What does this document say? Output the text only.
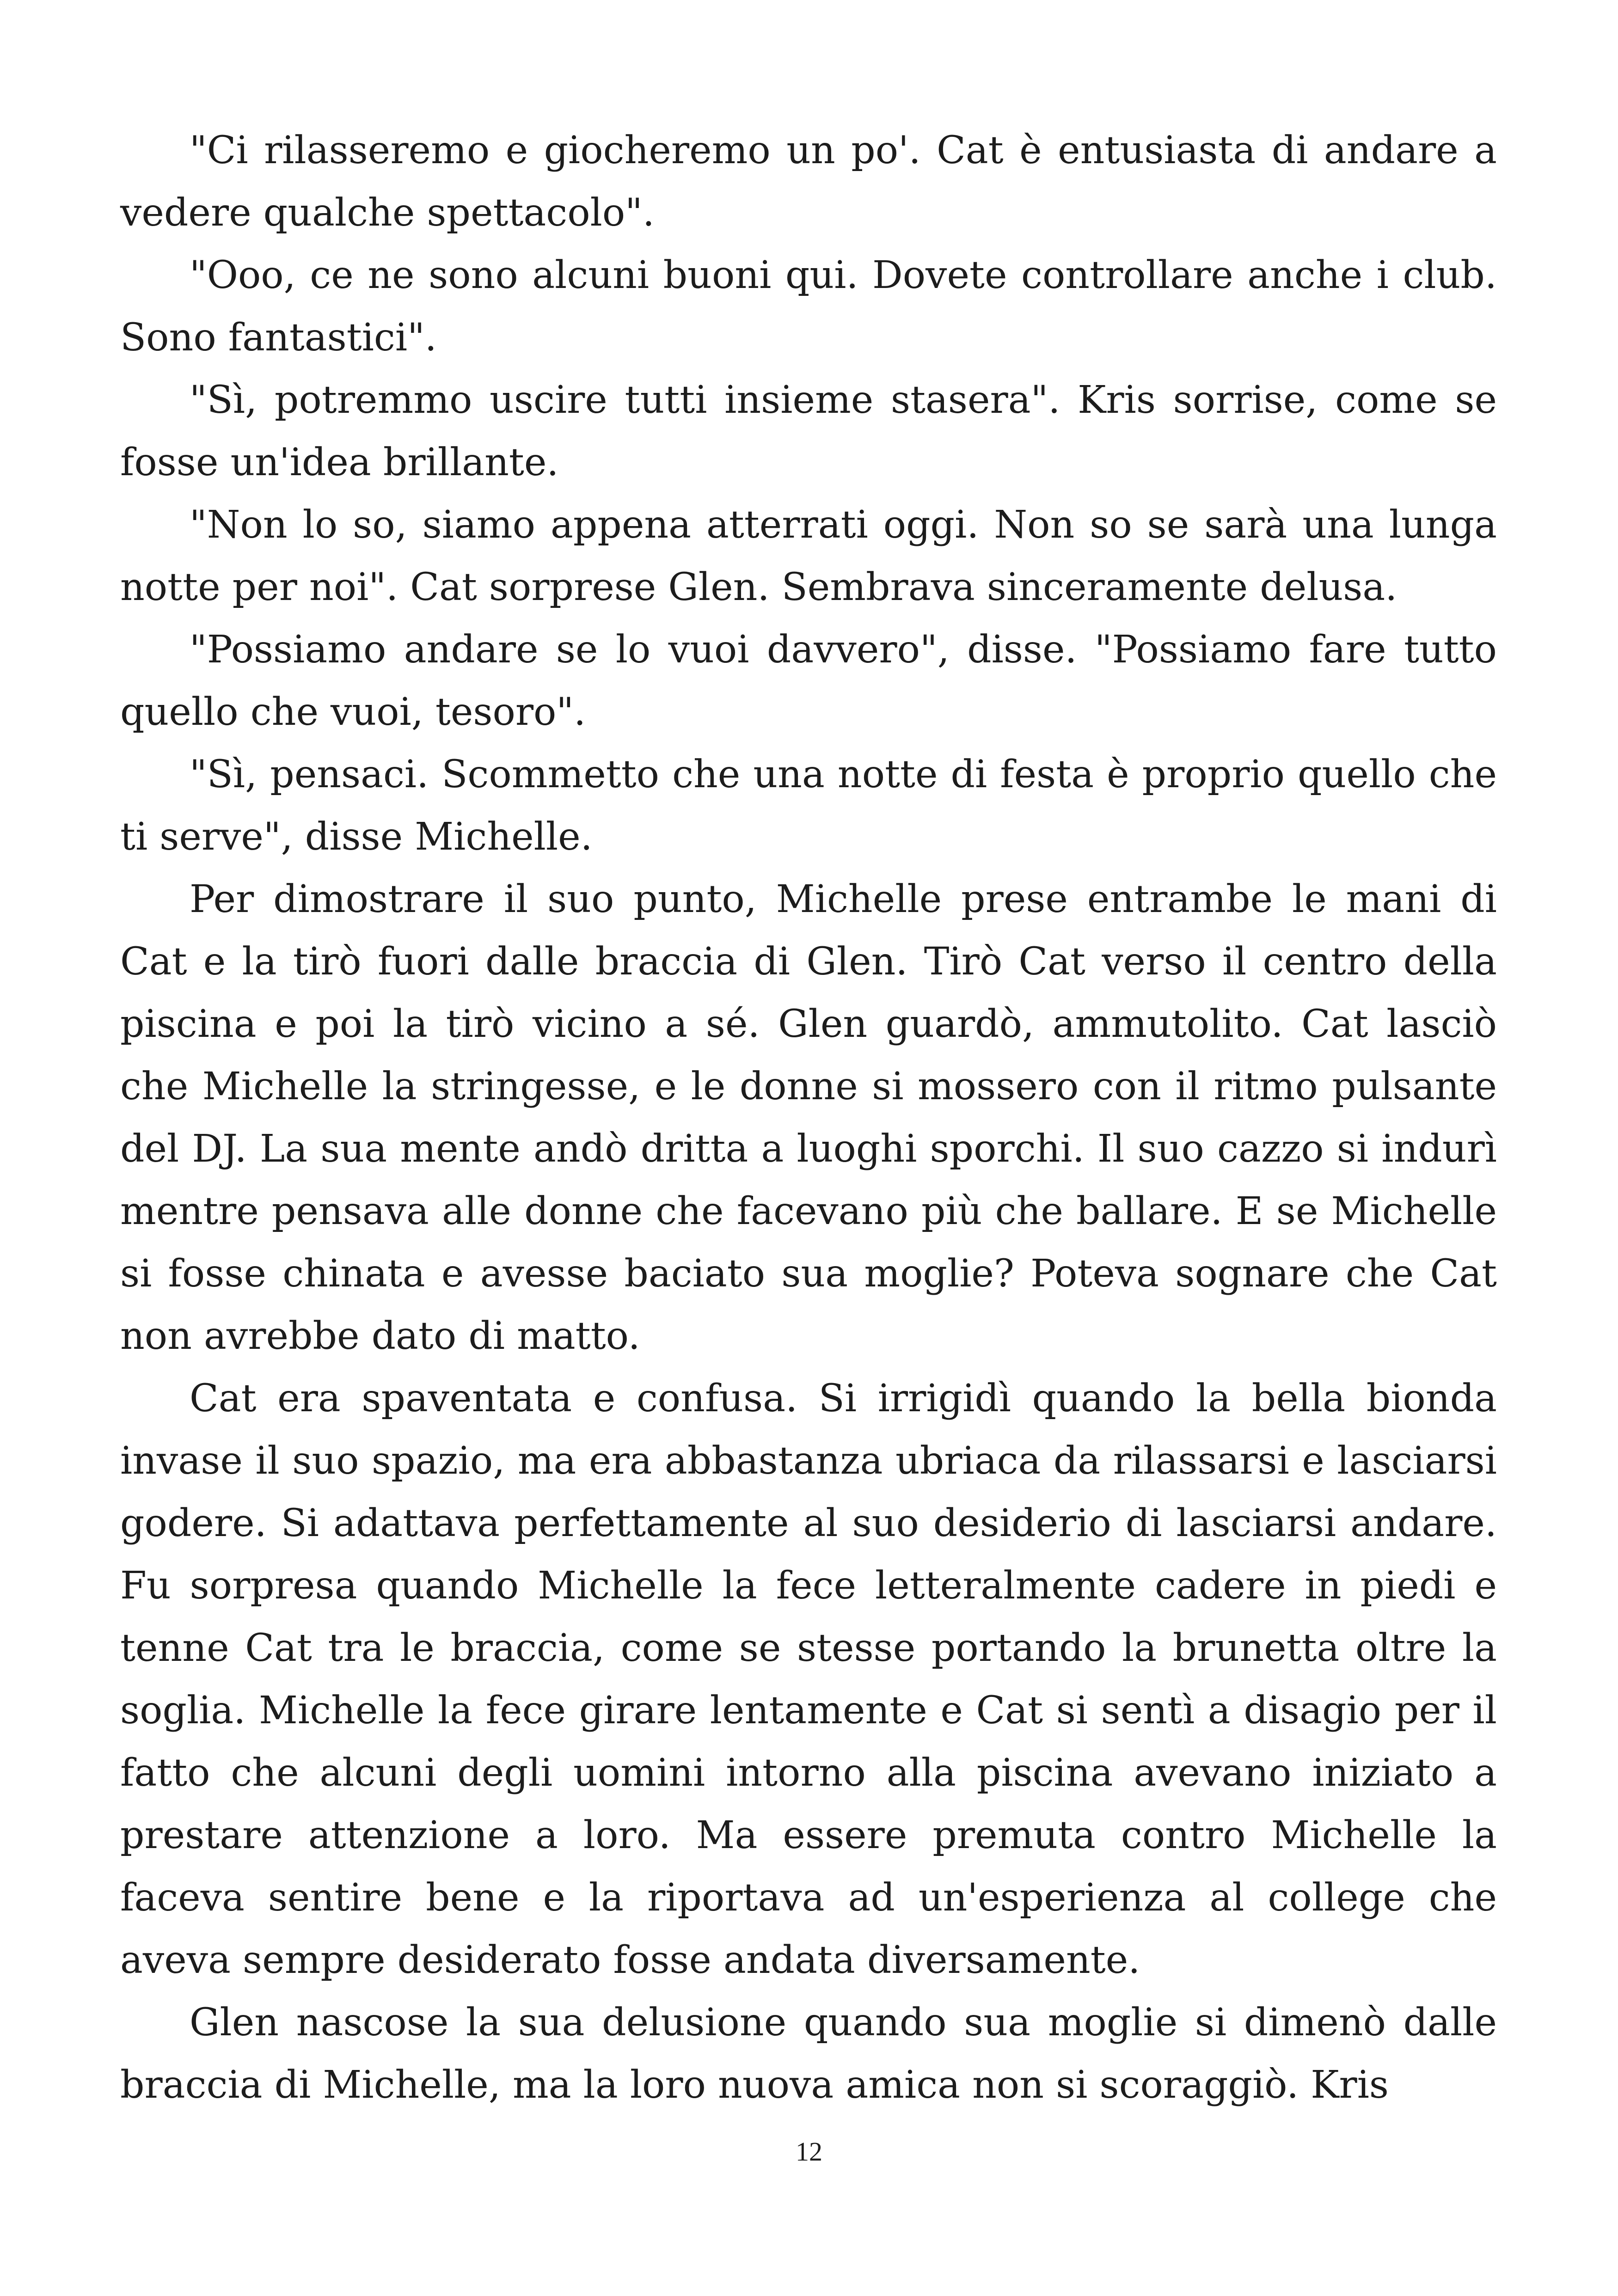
"Ci rilasseremo e giocheremo un po'. Cat è entusiasta di andare a vedere qualche spettacolo".

"Ooo, ce ne sono alcuni buoni qui. Dovete controllare anche i club. Sono fantastici".

"Sì, potremmo uscire tutti insieme stasera". Kris sorrise, come se fosse un'idea brillante.

"Non lo so, siamo appena atterrati oggi. Non so se sarà una lunga notte per noi". Cat sorprese Glen. Sembrava sinceramente delusa.

"Possiamo andare se lo vuoi davvero", disse. "Possiamo fare tutto quello che vuoi, tesoro".

"Sì, pensaci. Scommetto che una notte di festa è proprio quello che ti serve", disse Michelle.

Per dimostrare il suo punto, Michelle prese entrambe le mani di Cat e la tirò fuori dalle braccia di Glen. Tirò Cat verso il centro della piscina e poi la tirò vicino a sé. Glen guardò, ammutolito. Cat lasciò che Michelle la stringesse, e le donne si mossero con il ritmo pulsante del DJ. La sua mente andò dritta a luoghi sporchi. Il suo cazzo si indurì mentre pensava alle donne che facevano più che ballare. E se Michelle si fosse chinata e avesse baciato sua moglie? Poteva sognare che Cat non avrebbe dato di matto.

Cat era spaventata e confusa. Si irrigidì quando la bella bionda invase il suo spazio, ma era abbastanza ubriaca da rilassarsi e lasciarsi godere. Si adattava perfettamente al suo desiderio di lasciarsi andare. Fu sorpresa quando Michelle la fece letteralmente cadere in piedi e tenne Cat tra le braccia, come se stesse portando la brunetta oltre la soglia. Michelle la fece girare lentamente e Cat si sentì a disagio per il fatto che alcuni degli uomini intorno alla piscina avevano iniziato a prestare attenzione a loro. Ma essere premuta contro Michelle la faceva sentire bene e la riportava ad un'esperienza al college che aveva sempre desiderato fosse andata diversamente.

Glen nascose la sua delusione quando sua moglie si dimenò dalle braccia di Michelle, ma la loro nuova amica non si scoraggiò. Kris

12
